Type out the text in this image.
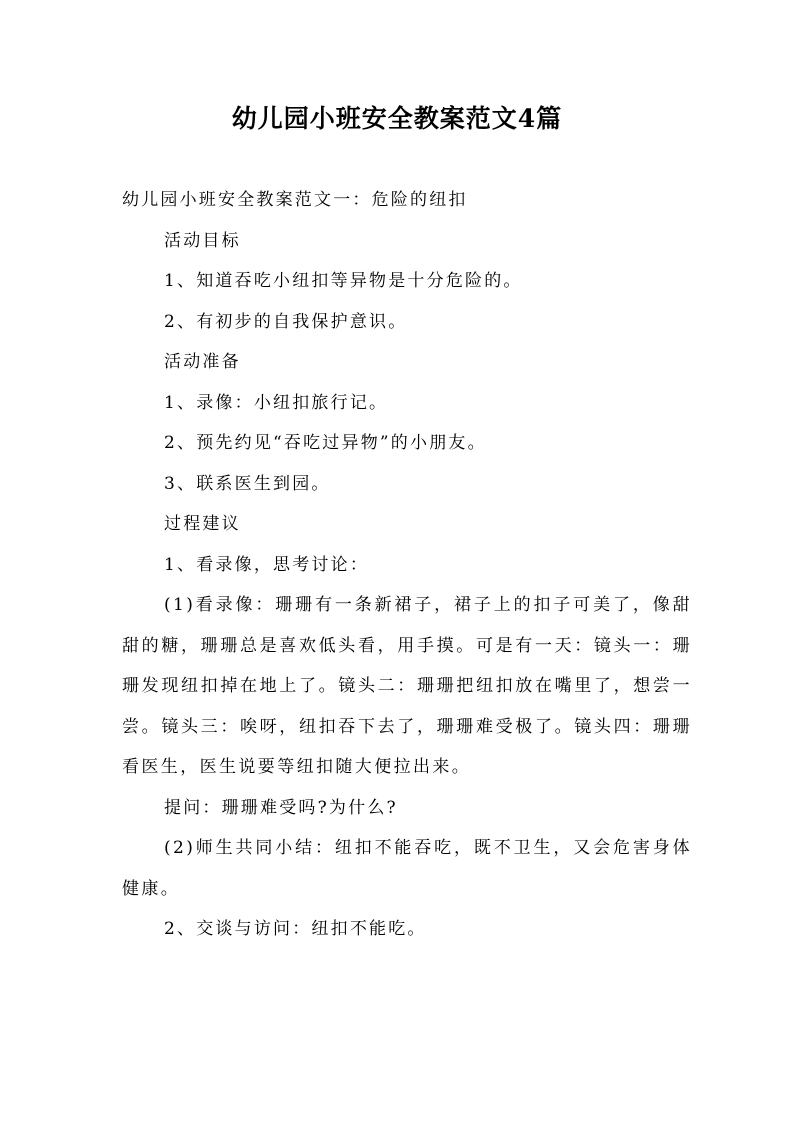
幼儿园小班安全教案范文4篇

幼儿园小班安全教案范文一：危险的纽扣

活动目标

1、知道吞吃小纽扣等异物是十分危险的。

2、有初步的自我保护意识。

活动准备

1、录像：小纽扣旅行记。

2、预先约见“吞吃过异物”的小朋友。

3、联系医生到园。

过程建议

1、看录像，思考讨论：

(1)看录像：珊珊有一条新裙子，裙子上的扣子可美了，像甜甜的糖，珊珊总是喜欢低头看，用手摸。可是有一天：镜头一：珊珊发现纽扣掉在地上了。镜头二：珊珊把纽扣放在嘴里了，想尝一尝。镜头三：唉呀，纽扣吞下去了，珊珊难受极了。镜头四：珊珊看医生，医生说要等纽扣随大便拉出来。

提问：珊珊难受吗?为什么?

(2)师生共同小结：纽扣不能吞吃，既不卫生，又会危害身体健康。

2、交谈与访问：纽扣不能吃。
